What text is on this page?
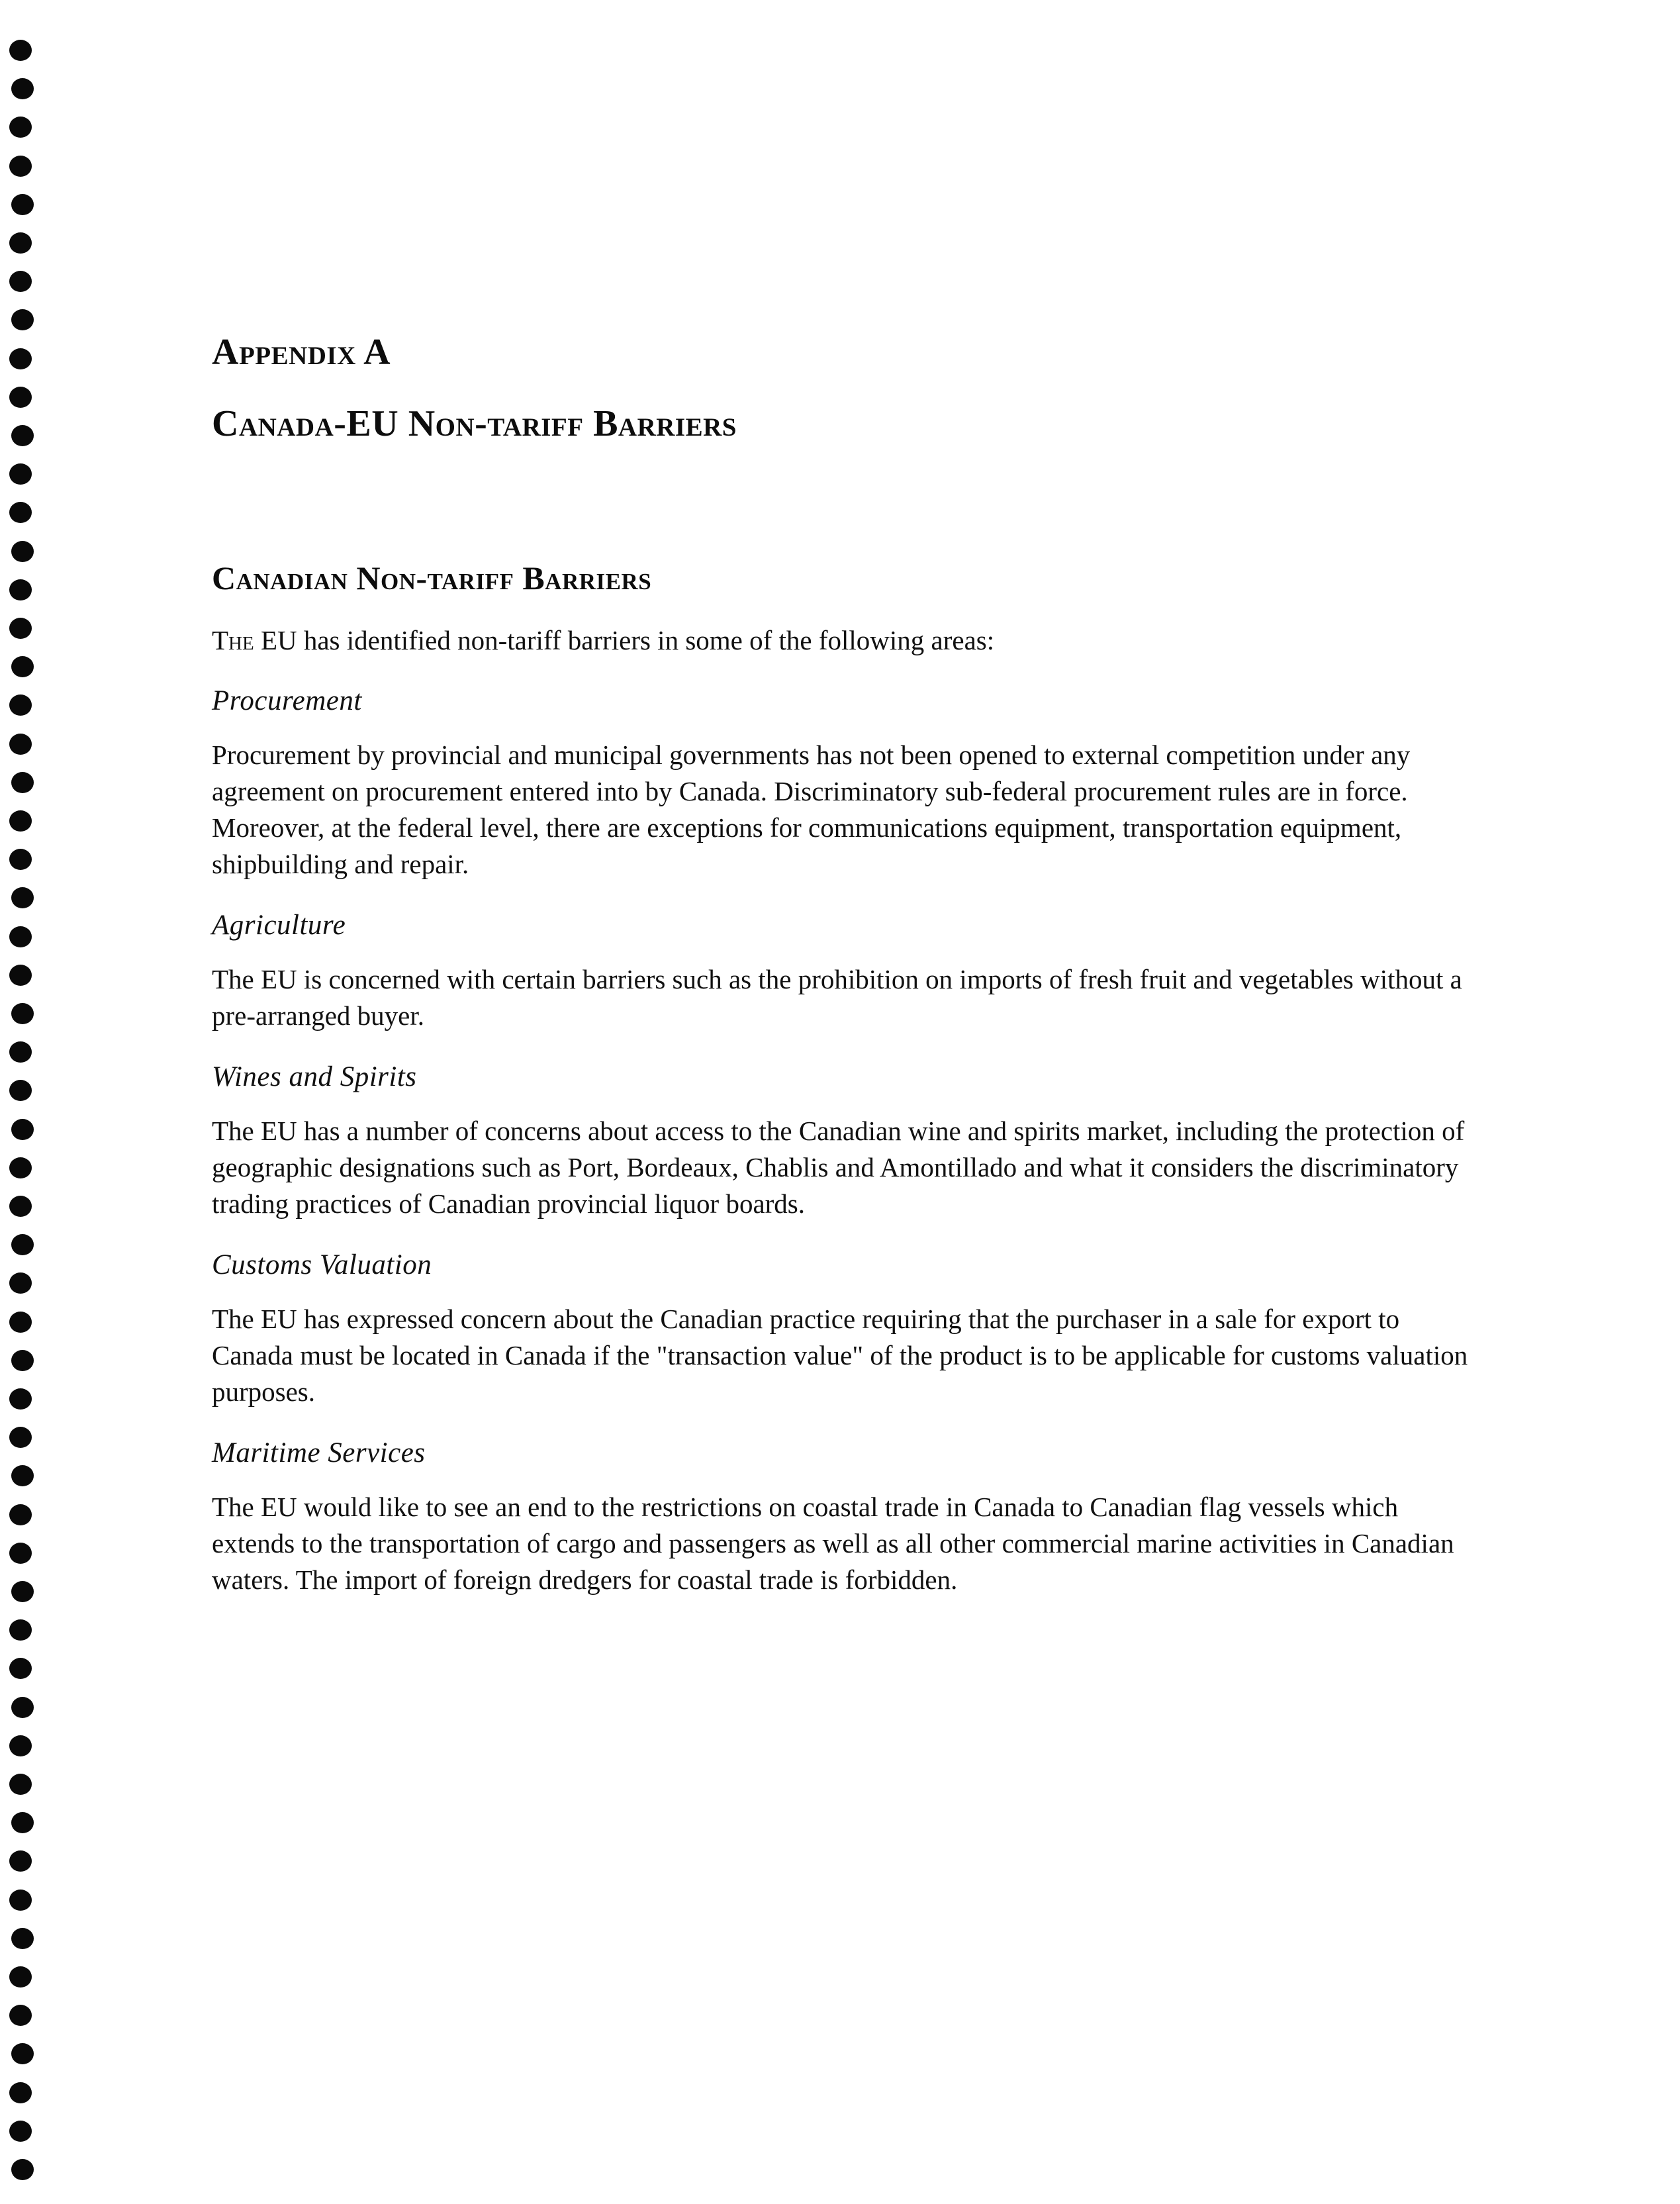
Appendix A
Canada-EU Non-tariff Barriers
Canadian Non-tariff Barriers
The EU has identified non-tariff barriers in some of the following areas:
Procurement

Procurement by provincial and municipal governments has not been opened to external competition under any agreement on procurement entered into by Canada. Discriminatory sub-federal procurement rules are in force. Moreover, at the federal level, there are exceptions for communications equipment, transportation equipment, shipbuilding and repair.

Agriculture

The EU is concerned with certain barriers such as the prohibition on imports of fresh fruit and vegetables without a pre-arranged buyer.

Wines and Spirits

The EU has a number of concerns about access to the Canadian wine and spirits market, including the protection of geographic designations such as Port, Bordeaux, Chablis and Amontillado and what it considers the discriminatory trading practices of Canadian provincial liquor boards.

Customs Valuation

The EU has expressed concern about the Canadian practice requiring that the purchaser in a sale for export to Canada must be located in Canada if the "transaction value" of the product is to be applicable for customs valuation purposes.

Maritime Services

The EU would like to see an end to the restrictions on coastal trade in Canada to Canadian flag vessels which extends to the transportation of cargo and passengers as well as all other commercial marine activities in Canadian waters. The import of foreign dredgers for coastal trade is forbidden.
